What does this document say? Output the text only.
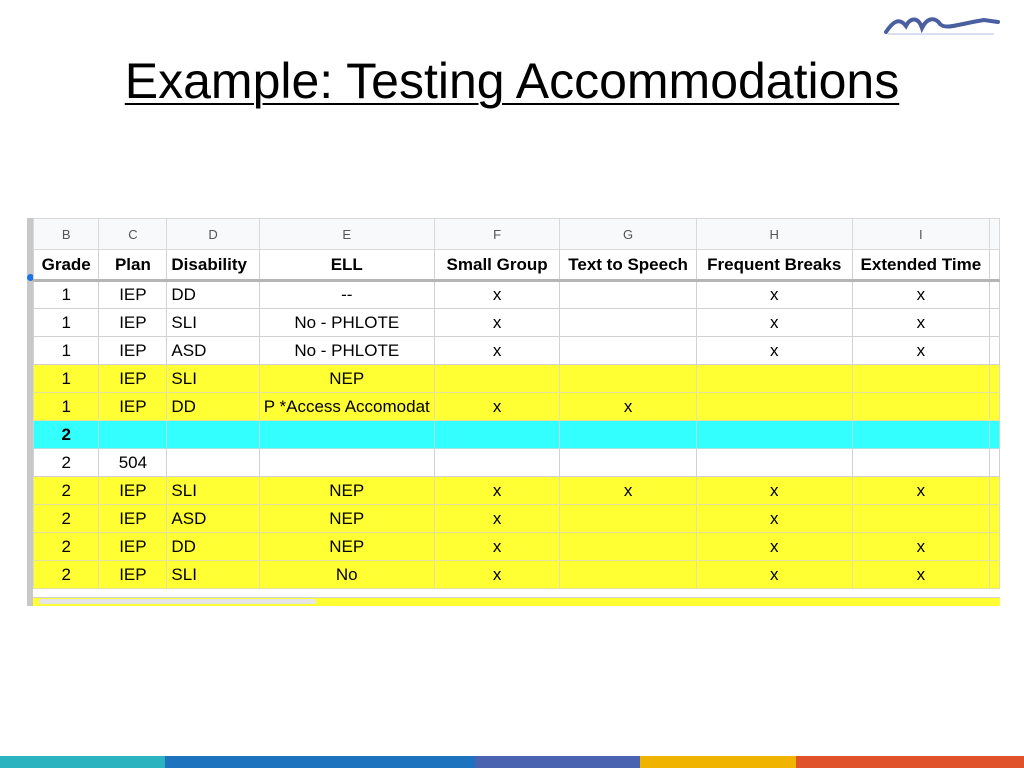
Example: Testing Accommodations
B	C	D	E	F	G	H	I	
Grade	Plan	Disability	ELL	Small Group	Text to Speech	Frequent Breaks	Extended Time	
1	IEP	DD	--	x		x	x	
1	IEP	SLI	No - PHLOTE	x		x	x	
1	IEP	ASD	No - PHLOTE	x		x	x	
1	IEP	SLI	NEP					
1	IEP	DD	P *Access Accomodat	x	x			
2								
2	504							
2	IEP	SLI	NEP	x	x	x	x	
2	IEP	ASD	NEP	x		x		
2	IEP	DD	NEP	x		x	x	
2	IEP	SLI	No	x		x	x	
